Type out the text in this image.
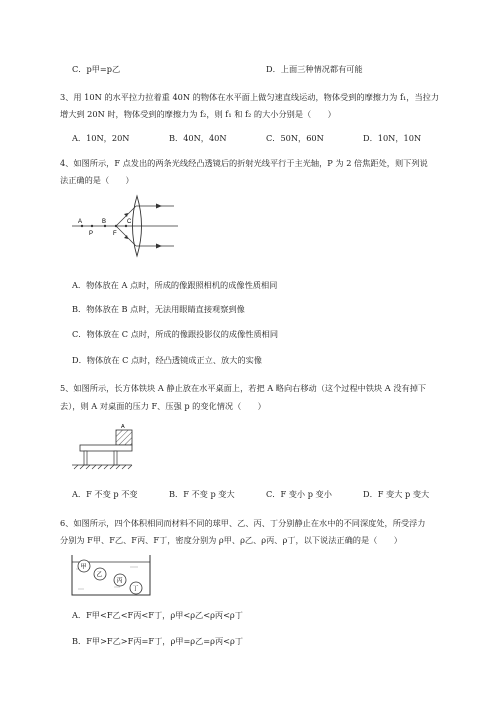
C．p甲=p乙	D．上面三种情况都有可能
3、用 10N 的水平拉力拉着重 40N 的物体在水平面上做匀速直线运动，物体受到的摩擦力为 f₁，当拉力
增大到 20N 时，物体受到的摩擦力为 f₂，则 f₁ 和 f₂ 的大小分别是（　　）
A．10N，20N	B．40N，40N	C．50N，60N	D．10N，10N
4、如图所示，F 点发出的两条光线经凸透镜后的折射光线平行于主光轴，P 为 2 倍焦距处，则下列说
法正确的是（　　）
A
P
B
F
C
A．物体放在 A 点时，所成的像跟照相机的成像性质相同
B．物体放在 B 点时，无法用眼睛直接观察到像
C．物体放在 C 点时，所成的像跟投影仪的成像性质相同
D．物体放在 C 点时，经凸透镜成正立、放大的实像
5、如图所示，长方体铁块 A 静止放在水平桌面上，若把 A 略向右移动（这个过程中铁块 A 没有掉下
去），则 A 对桌面的压力 F、压强 p 的变化情况（　　）
A
A．F 不变 p 不变	B．F 不变 p 变大	C．F 变小 p 变小	D．F 变大 p 变大
6、如图所示，四个体积相同而材料不同的球甲、乙、丙、丁分别静止在水中的不同深度处，所受浮力
分别为 F甲、F乙、F丙、F丁，密度分别为 ρ甲、ρ乙、ρ丙、ρ丁，以下说法正确的是（　　）
甲
乙
丙
丁
A．F甲<F乙<F丙<F丁，ρ甲<ρ乙<ρ丙<ρ丁
B．F甲>F乙>F丙=F丁，ρ甲=ρ乙=ρ丙<ρ丁
